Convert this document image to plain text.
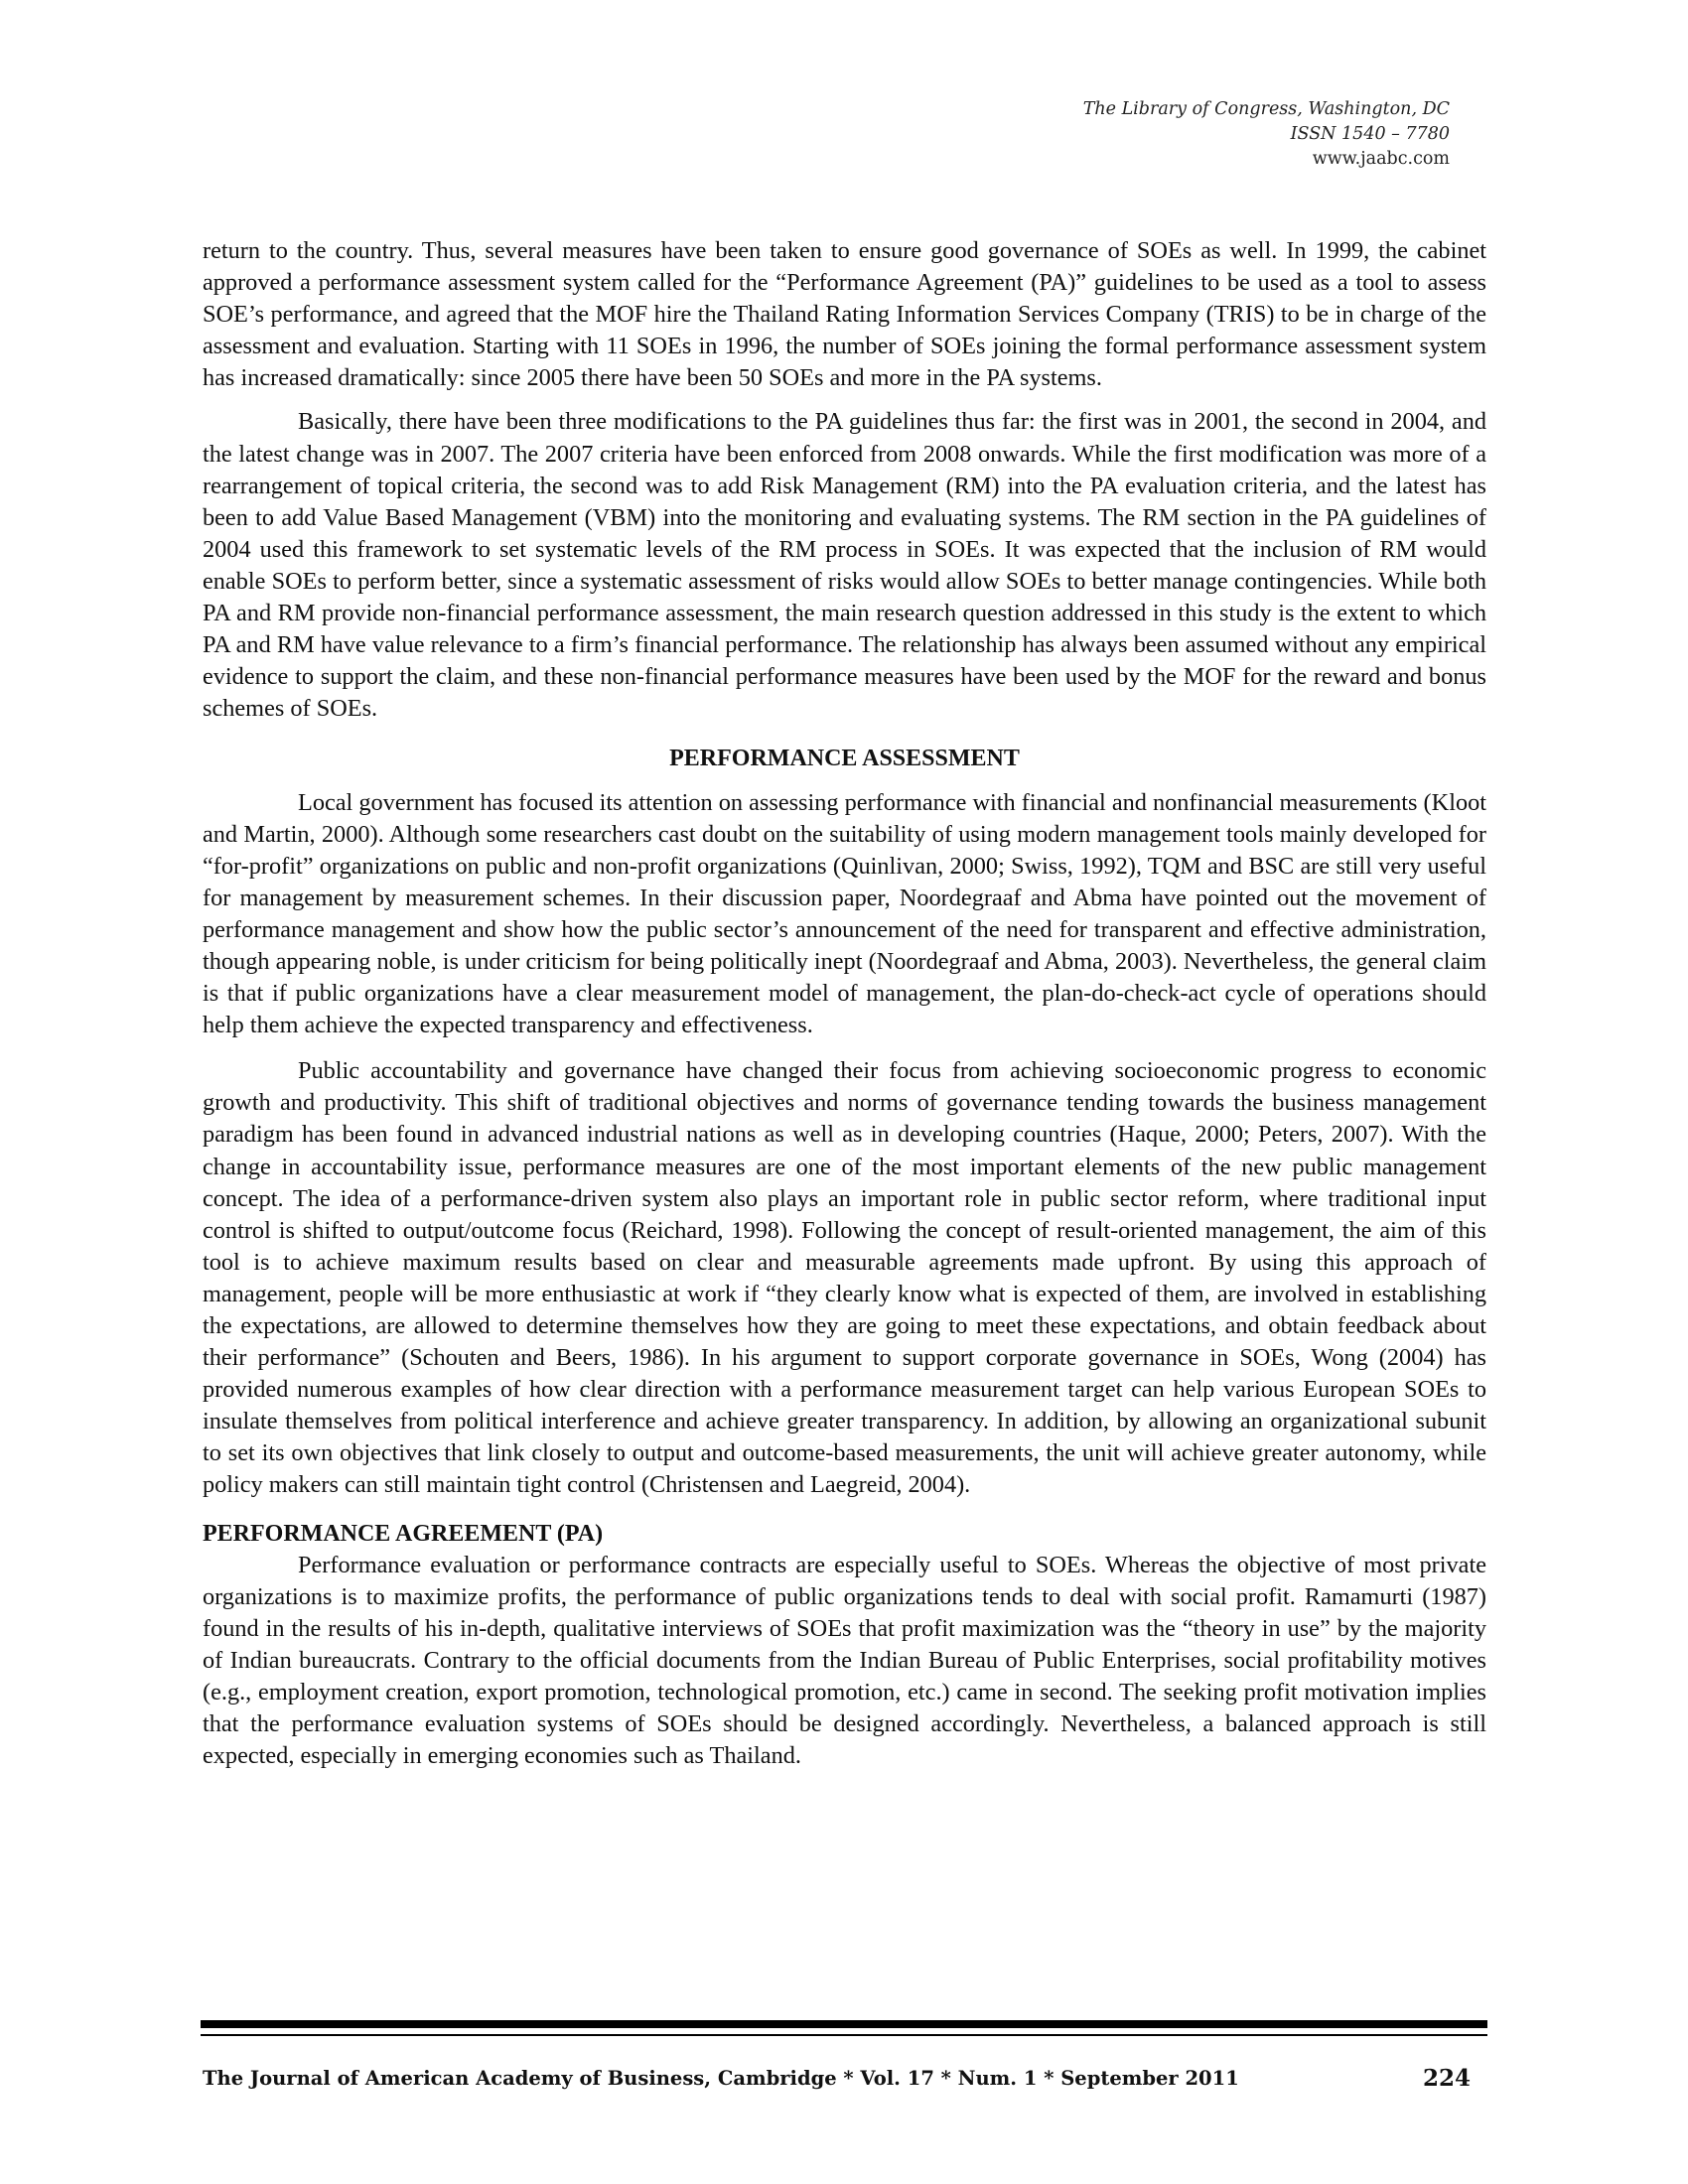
The Library of Congress, Washington, DC
ISSN 1540 – 7780
www.jaabc.com

return to the country. Thus, several measures have been taken to ensure good governance of SOEs as well. In 1999, the cabinet approved a performance assessment system called for the “Performance Agreement (PA)” guidelines to be used as a tool to assess SOE’s performance, and agreed that the MOF hire the Thailand Rating Information Services Company (TRIS) to be in charge of the assessment and evaluation. Starting with 11 SOEs in 1996, the number of SOEs joining the formal performance assessment system has increased dramatically: since 2005 there have been 50 SOEs and more in the PA systems.

Basically, there have been three modifications to the PA guidelines thus far: the first was in 2001, the second in 2004, and the latest change was in 2007. The 2007 criteria have been enforced from 2008 onwards. While the first modification was more of a rearrangement of topical criteria, the second was to add Risk Management (RM) into the PA evaluation criteria, and the latest has been to add Value Based Management (VBM) into the monitoring and evaluating systems. The RM section in the PA guidelines of 2004 used this framework to set systematic levels of the RM process in SOEs. It was expected that the inclusion of RM would enable SOEs to perform better, since a systematic assessment of risks would allow SOEs to better manage contingencies. While both PA and RM provide non-financial performance assessment, the main research question addressed in this study is the extent to which PA and RM have value relevance to a firm’s financial performance. The relationship has always been assumed without any empirical evidence to support the claim, and these non-financial performance measures have been used by the MOF for the reward and bonus schemes of SOEs.

PERFORMANCE ASSESSMENT

Local government has focused its attention on assessing performance with financial and nonfinancial measurements (Kloot and Martin, 2000). Although some researchers cast doubt on the suitability of using modern management tools mainly developed for “for-profit” organizations on public and non-profit organizations (Quinlivan, 2000; Swiss, 1992), TQM and BSC are still very useful for management by measurement schemes. In their discussion paper, Noordegraaf and Abma have pointed out the movement of performance management and show how the public sector’s announcement of the need for transparent and effective administration, though appearing noble, is under criticism for being politically inept (Noordegraaf and Abma, 2003). Nevertheless, the general claim is that if public organizations have a clear measurement model of management, the plan-do-check-act cycle of operations should help them achieve the expected transparency and effectiveness.

Public accountability and governance have changed their focus from achieving socioeconomic progress to economic growth and productivity. This shift of traditional objectives and norms of governance tending towards the business management paradigm has been found in advanced industrial nations as well as in developing countries (Haque, 2000; Peters, 2007). With the change in accountability issue, performance measures are one of the most important elements of the new public management concept. The idea of a performance-driven system also plays an important role in public sector reform, where traditional input control is shifted to output/outcome focus (Reichard, 1998). Following the concept of result-oriented management, the aim of this tool is to achieve maximum results based on clear and measurable agreements made upfront. By using this approach of management, people will be more enthusiastic at work if “they clearly know what is expected of them, are involved in establishing the expectations, are allowed to determine themselves how they are going to meet these expectations, and obtain feedback about their performance” (Schouten and Beers, 1986). In his argument to support corporate governance in SOEs, Wong (2004) has provided numerous examples of how clear direction with a performance measurement target can help various European SOEs to insulate themselves from political interference and achieve greater transparency. In addition, by allowing an organizational subunit to set its own objectives that link closely to output and outcome-based measurements, the unit will achieve greater autonomy, while policy makers can still maintain tight control (Christensen and Laegreid, 2004).

PERFORMANCE AGREEMENT (PA)

Performance evaluation or performance contracts are especially useful to SOEs. Whereas the objective of most private organizations is to maximize profits, the performance of public organizations tends to deal with social profit. Ramamurti (1987) found in the results of his in-depth, qualitative interviews of SOEs that profit maximization was the “theory in use” by the majority of Indian bureaucrats. Contrary to the official documents from the Indian Bureau of Public Enterprises, social profitability motives (e.g., employment creation, export promotion, technological promotion, etc.) came in second. The seeking profit motivation implies that the performance evaluation systems of SOEs should be designed accordingly. Nevertheless, a balanced approach is still expected, especially in emerging economies such as Thailand.

The Journal of American Academy of Business, Cambridge * Vol. 17 * Num. 1 * September 2011	224
